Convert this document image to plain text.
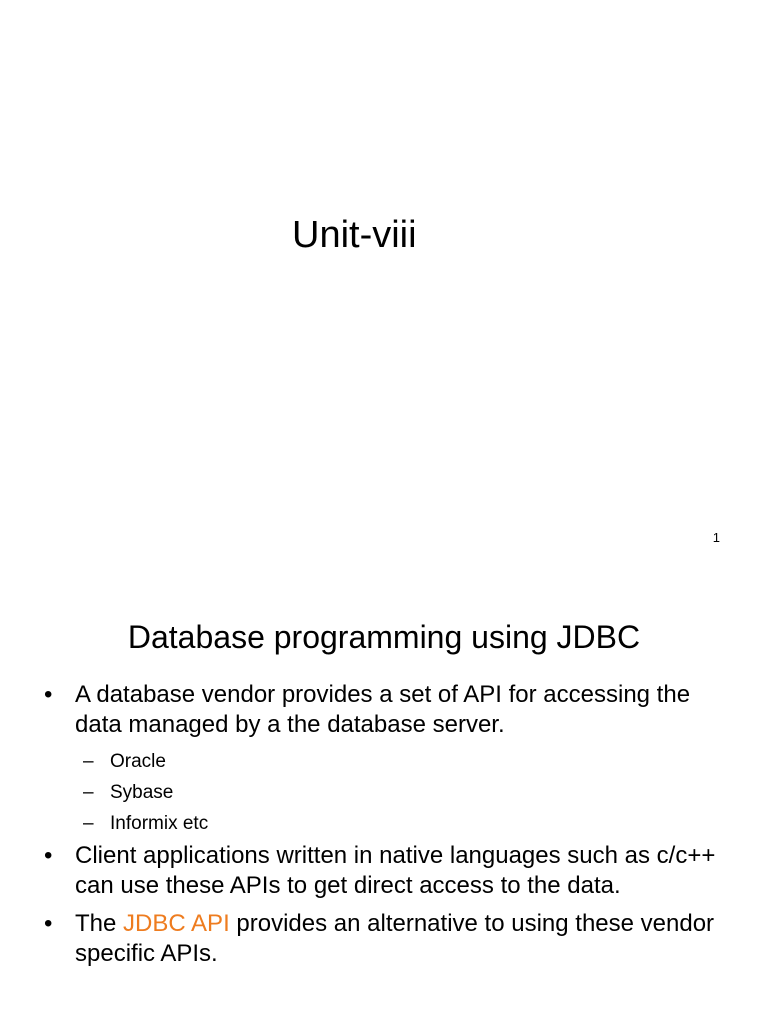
Unit-viii
1
Database programming using JDBC
• A database vendor provides a set of API for accessing the data managed by a the database server.
– Oracle
– Sybase
– Informix etc
• Client applications written in native languages such as c/c++ can use these APIs to get direct access to the data.
• The JDBC API provides an alternative to using these vendor specific APIs.
